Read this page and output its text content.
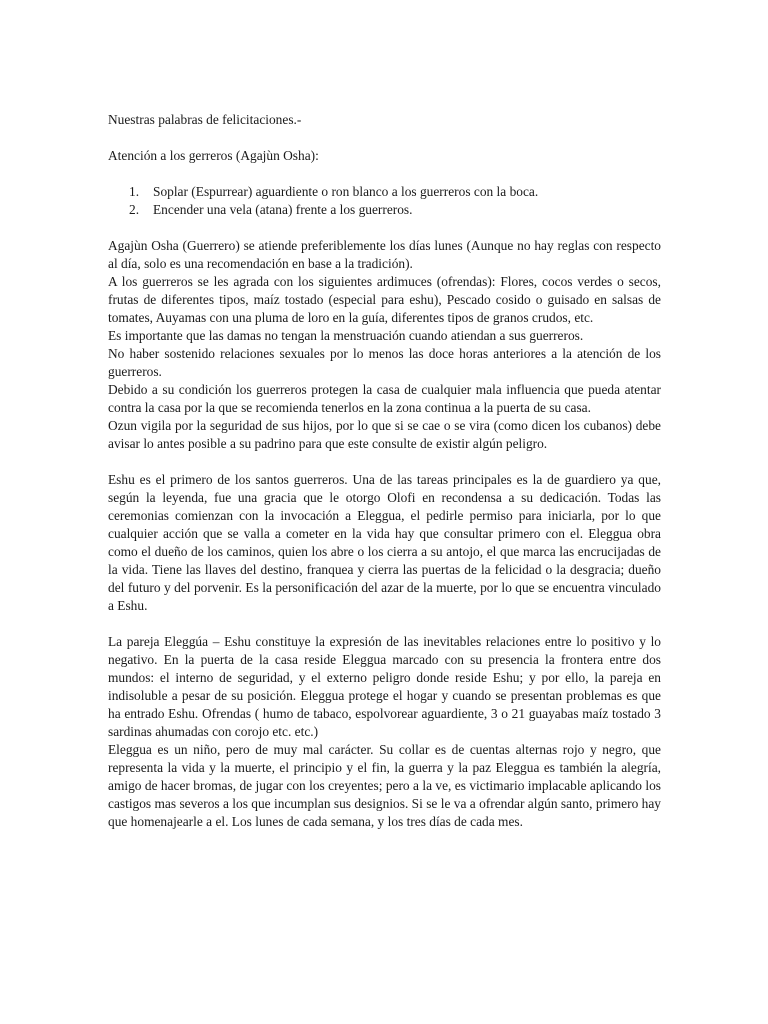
Nuestras palabras de felicitaciones.-
Atención a los gerreros (Agajùn Osha):
1.	Soplar (Espurrear) aguardiente o ron blanco a los guerreros con la boca.
2.	Encender una vela (atana) frente a los guerreros.

Agajùn Osha (Guerrero) se atiende preferiblemente los días lunes (Aunque no hay reglas con respecto al día, solo es una recomendación en base a la tradición).

A los guerreros se les agrada con los siguientes ardimuces (ofrendas): Flores, cocos verdes o secos, frutas de diferentes tipos, maíz tostado (especial para eshu), Pescado cosido o guisado en salsas de tomates, Auyamas con una pluma de loro en la guía, diferentes tipos de granos crudos, etc.

Es importante que las damas no tengan la menstruación cuando atiendan a sus guerreros.

No haber sostenido relaciones sexuales por lo menos las doce horas anteriores a la atención de los guerreros.

Debido a su condición los guerreros protegen la casa de cualquier mala influencia que pueda atentar contra la casa por la que se recomienda tenerlos en la zona continua a la puerta de su casa.

Ozun vigila por la seguridad de sus hijos, por lo que si se cae o se vira (como dicen los cubanos) debe avisar lo antes posible a su padrino para que este consulte de existir algún peligro.

Eshu es el primero de los santos guerreros. Una de las tareas principales es la de guardiero ya que, según la leyenda, fue una gracia que le otorgo Olofi en recondensa a su dedicación. Todas las ceremonias comienzan con la invocación a Eleggua, el pedirle permiso para iniciarla, por lo que cualquier acción que se valla a cometer en la vida hay que consultar primero con el. Eleggua obra como el dueño de los caminos, quien los abre o los cierra a su antojo, el que marca las encrucijadas de la vida. Tiene las llaves del destino, franquea y cierra las puertas de la felicidad o la desgracia; dueño del futuro y del porvenir. Es la personificación del azar de la muerte, por lo que se encuentra vinculado a Eshu.

La pareja Eleggúa – Eshu constituye la expresión de las inevitables relaciones entre lo positivo y lo negativo. En la puerta de la casa reside Eleggua marcado con su presencia la frontera entre dos mundos: el interno de seguridad, y el externo peligro donde reside Eshu; y por ello, la pareja en indisoluble a pesar de su posición. Eleggua protege el hogar y cuando se presentan problemas es que ha entrado Eshu. Ofrendas ( humo de tabaco, espolvorear aguardiente, 3 o 21 guayabas maíz tostado 3 sardinas ahumadas con corojo etc. etc.)

Eleggua es un niño, pero de muy mal carácter. Su collar es de cuentas alternas rojo y negro, que representa la vida y la muerte, el principio y el fin, la guerra y la paz Eleggua es también la alegría, amigo de hacer bromas, de jugar con los creyentes; pero a la ve, es victimario implacable aplicando los castigos mas severos a los que incumplan sus designios. Si se le va a ofrendar algún santo, primero hay que homenajearle a el. Los lunes de cada semana, y los tres días de cada mes.
